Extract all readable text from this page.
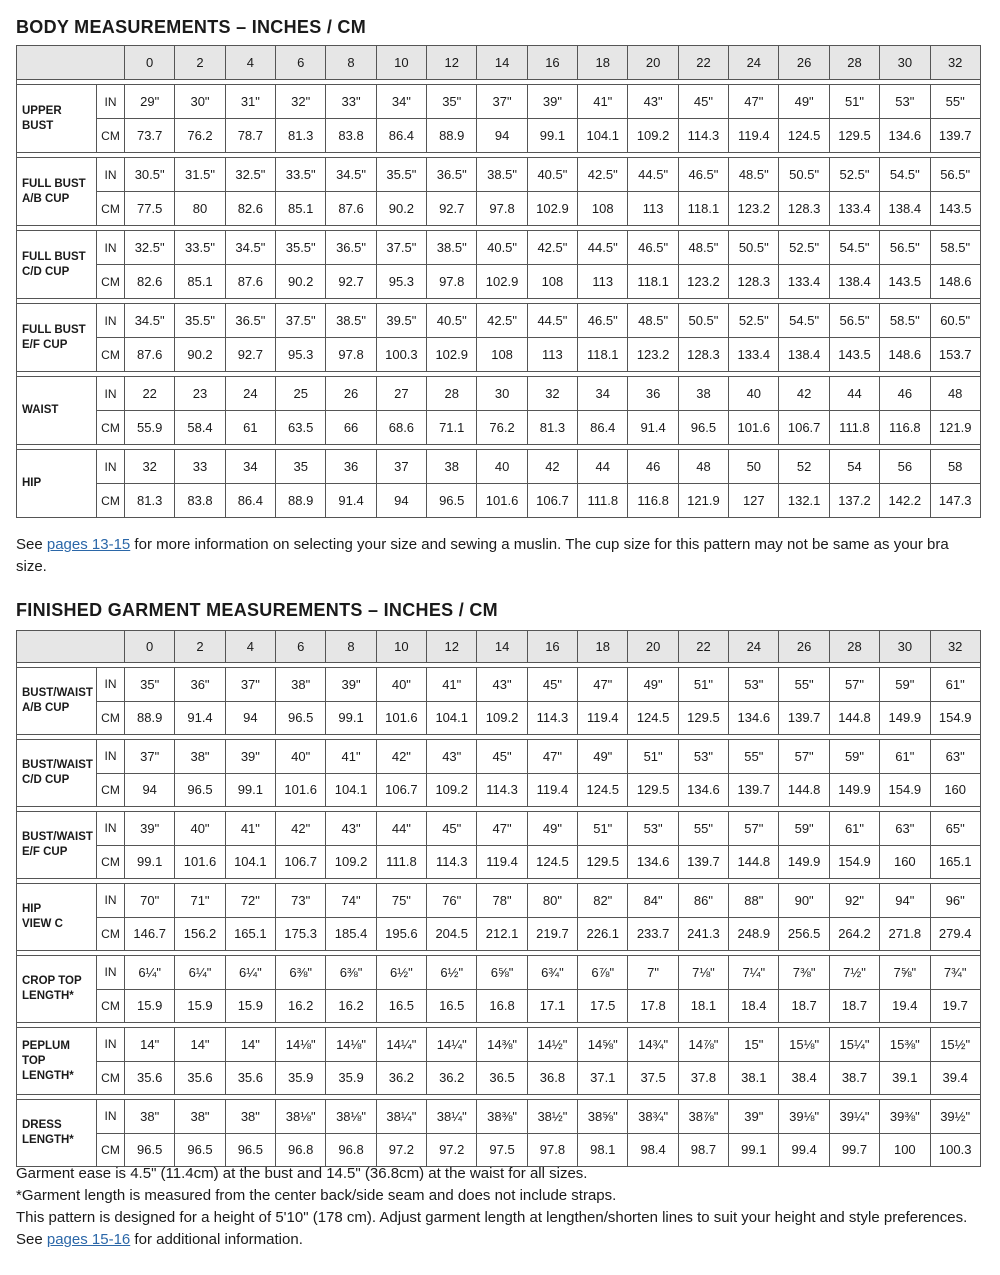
BODY MEASUREMENTS – INCHES / CM
		0	2	4	6	8	10	12	14	16	18	20	22	24	26	28	30	32

UPPER
BUST	IN	29"	30"	31"	32"	33"	34"	35"	37"	39"	41"	43"	45"	47"	49"	51"	53"	55"
	CM	73.7	76.2	78.7	81.3	83.8	86.4	88.9	94	99.1	104.1	109.2	114.3	119.4	124.5	129.5	134.6	139.7

FULL BUST
A/B CUP	IN	30.5"	31.5"	32.5"	33.5"	34.5"	35.5"	36.5"	38.5"	40.5"	42.5"	44.5"	46.5"	48.5"	50.5"	52.5"	54.5"	56.5"
	CM	77.5	80	82.6	85.1	87.6	90.2	92.7	97.8	102.9	108	113	118.1	123.2	128.3	133.4	138.4	143.5

FULL BUST
C/D CUP	IN	32.5"	33.5"	34.5"	35.5"	36.5"	37.5"	38.5"	40.5"	42.5"	44.5"	46.5"	48.5"	50.5"	52.5"	54.5"	56.5"	58.5"
	CM	82.6	85.1	87.6	90.2	92.7	95.3	97.8	102.9	108	113	118.1	123.2	128.3	133.4	138.4	143.5	148.6

FULL BUST
E/F CUP	IN	34.5"	35.5"	36.5"	37.5"	38.5"	39.5"	40.5"	42.5"	44.5"	46.5"	48.5"	50.5"	52.5"	54.5"	56.5"	58.5"	60.5"
	CM	87.6	90.2	92.7	95.3	97.8	100.3	102.9	108	113	118.1	123.2	128.3	133.4	138.4	143.5	148.6	153.7

WAIST	IN	22	23	24	25	26	27	28	30	32	34	36	38	40	42	44	46	48
	CM	55.9	58.4	61	63.5	66	68.6	71.1	76.2	81.3	86.4	91.4	96.5	101.6	106.7	111.8	116.8	121.9

HIP	IN	32	33	34	35	36	37	38	40	42	44	46	48	50	52	54	56	58
	CM	81.3	83.8	86.4	88.9	91.4	94	96.5	101.6	106.7	111.8	116.8	121.9	127	132.1	137.2	142.2	147.3
See pages 13-15 for more information on selecting your size and sewing a muslin. The cup size for this pattern may not be same as your bra size.
FINISHED GARMENT MEASUREMENTS – INCHES / CM
		0	2	4	6	8	10	12	14	16	18	20	22	24	26	28	30	32

BUST/WAIST
A/B CUP	IN	35"	36"	37"	38"	39"	40"	41"	43"	45"	47"	49"	51"	53"	55"	57"	59"	61"
	CM	88.9	91.4	94	96.5	99.1	101.6	104.1	109.2	114.3	119.4	124.5	129.5	134.6	139.7	144.8	149.9	154.9

BUST/WAIST
C/D CUP	IN	37"	38"	39"	40"	41"	42"	43"	45"	47"	49"	51"	53"	55"	57"	59"	61"	63"
	CM	94	96.5	99.1	101.6	104.1	106.7	109.2	114.3	119.4	124.5	129.5	134.6	139.7	144.8	149.9	154.9	160

BUST/WAIST
E/F CUP	IN	39"	40"	41"	42"	43"	44"	45"	47"	49"	51"	53"	55"	57"	59"	61"	63"	65"
	CM	99.1	101.6	104.1	106.7	109.2	111.8	114.3	119.4	124.5	129.5	134.6	139.7	144.8	149.9	154.9	160	165.1

HIP
VIEW C	IN	70"	71"	72"	73"	74"	75"	76"	78"	80"	82"	84"	86"	88"	90"	92"	94"	96"
	CM	146.7	156.2	165.1	175.3	185.4	195.6	204.5	212.1	219.7	226.1	233.7	241.3	248.9	256.5	264.2	271.8	279.4

CROP TOP
LENGTH*	IN	6¼"	6¼"	6¼"	6⅜"	6⅜"	6½"	6½"	6⅝"	6¾"	6⅞"	7"	7⅛"	7¼"	7⅜"	7½"	7⅝"	7¾"
	CM	15.9	15.9	15.9	16.2	16.2	16.5	16.5	16.8	17.1	17.5	17.8	18.1	18.4	18.7	18.7	19.4	19.7

PEPLUM TOP
LENGTH*	IN	14"	14"	14"	14⅛"	14⅛"	14¼"	14¼"	14⅜"	14½"	14⅝"	14¾"	14⅞"	15"	15⅛"	15¼"	15⅜"	15½"
	CM	35.6	35.6	35.6	35.9	35.9	36.2	36.2	36.5	36.8	37.1	37.5	37.8	38.1	38.4	38.7	39.1	39.4

DRESS
LENGTH*	IN	38"	38"	38"	38⅛"	38⅛"	38¼"	38¼"	38⅜"	38½"	38⅝"	38¾"	38⅞"	39"	39⅛"	39¼"	39⅜"	39½"
	CM	96.5	96.5	96.5	96.8	96.8	97.2	97.2	97.5	97.8	98.1	98.4	98.7	99.1	99.4	99.7	100	100.3
Garment ease is 4.5" (11.4cm) at the bust and 14.5" (36.8cm) at the waist for all sizes.
*Garment length is measured from the center back/side seam and does not include straps.
This pattern is designed for a height of 5'10" (178 cm). Adjust garment length at lengthen/shorten lines to suit your height and style preferences. See pages 15-16 for additional information.
